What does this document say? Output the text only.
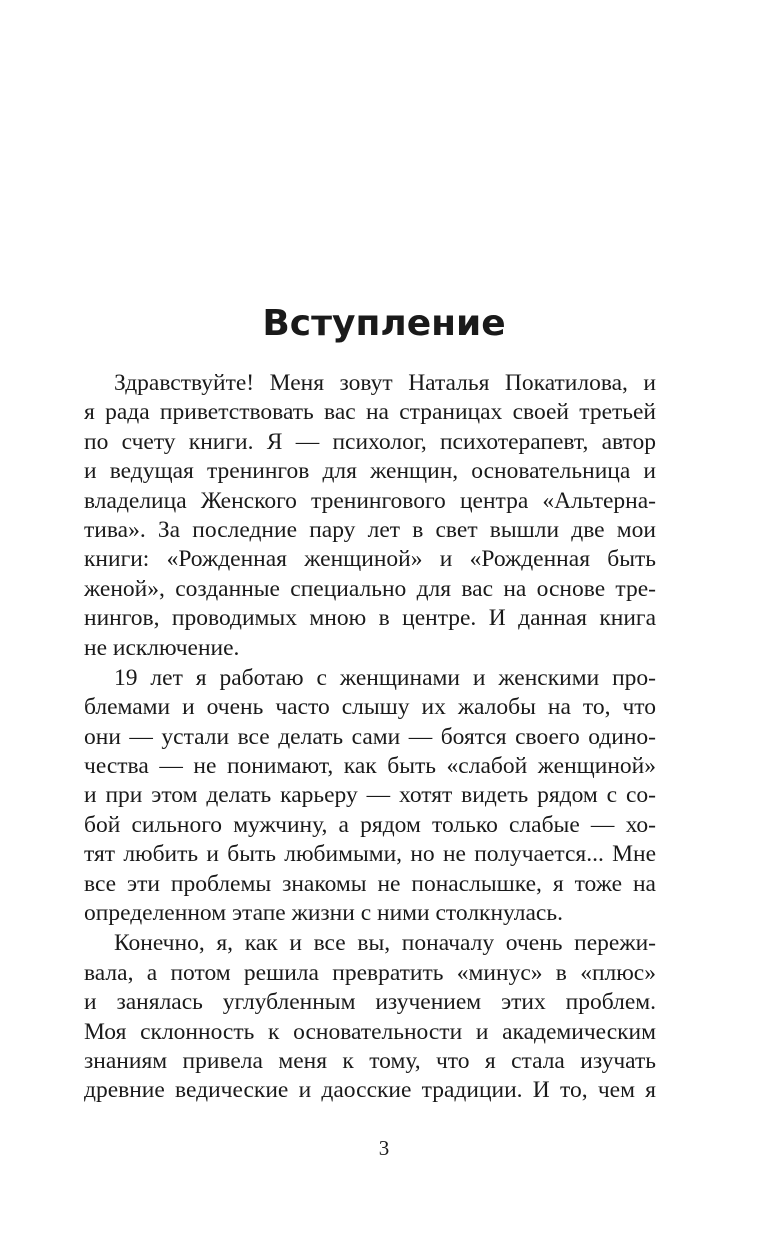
Вступление
Здравствуйте! Меня зовут Наталья Покатилова, и
я рада приветствовать вас на страницах своей третьей
по счету книги. Я — психолог, психотерапевт, автор
и ведущая тренингов для женщин, основательница и
владелица Женского тренингового центра «Альтерна-
тива». За последние пару лет в свет вышли две мои
книги: «Рожденная женщиной» и «Рожденная быть
женой», созданные специально для вас на основе тре-
нингов, проводимых мною в центре. И данная книга
не исключение.
19 лет я работаю с женщинами и женскими про-
блемами и очень часто слышу их жалобы на то, что
они — устали все делать сами — боятся своего одино-
чества — не понимают, как быть «слабой женщиной»
и при этом делать карьеру — хотят видеть рядом с со-
бой сильного мужчину, а рядом только слабые — хо-
тят любить и быть любимыми, но не получается... Мне
все эти проблемы знакомы не понаслышке, я тоже на
определенном этапе жизни с ними столкнулась.
Конечно, я, как и все вы, поначалу очень пережи-
вала, а потом решила превратить «минус» в «плюс»
и занялась углубленным изучением этих проблем.
Моя склонность к основательности и академическим
знаниям привела меня к тому, что я стала изучать
древние ведические и даосские традиции. И то, чем я
3
